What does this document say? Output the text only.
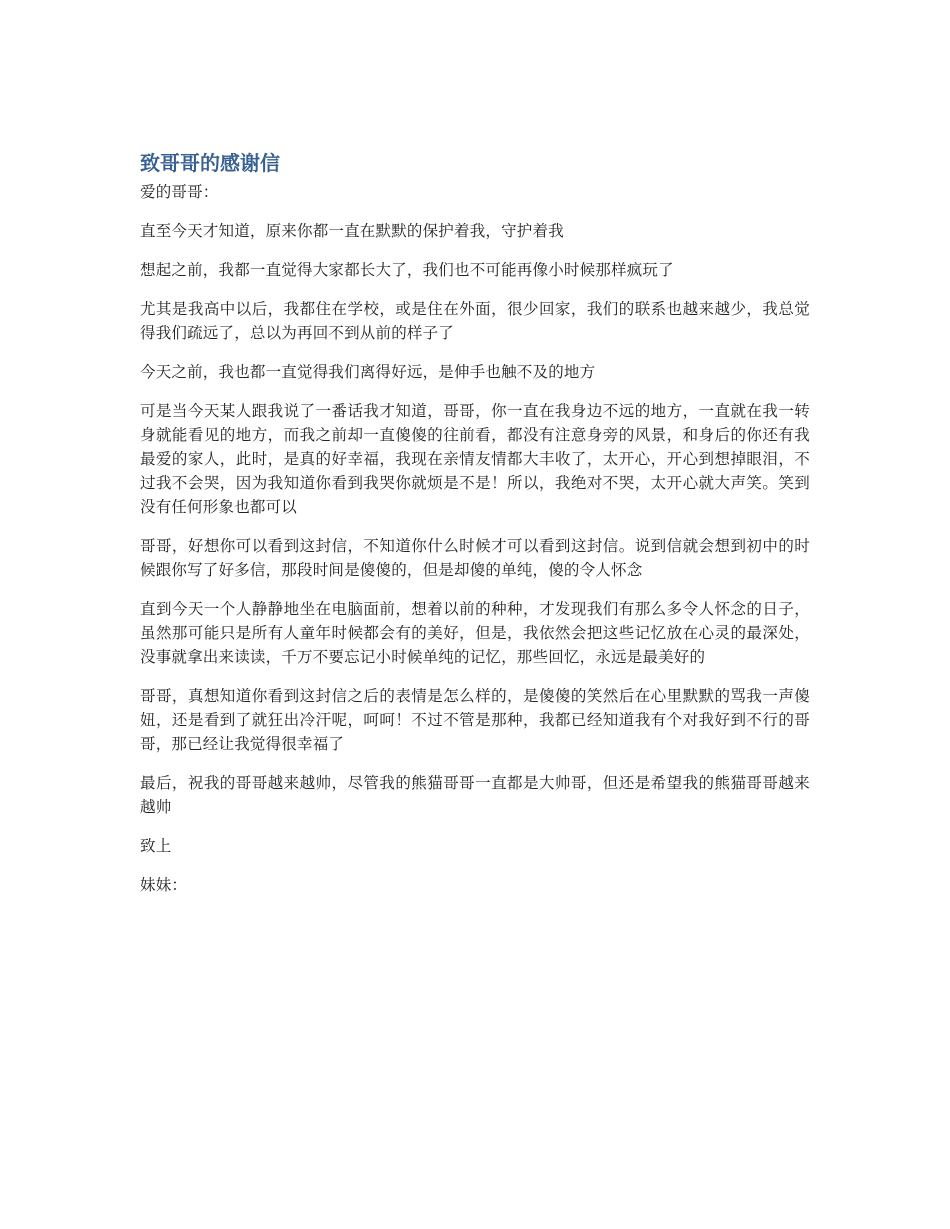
致哥哥的感谢信

爱的哥哥：

直至今天才知道，原来你都一直在默默的保护着我，守护着我

想起之前，我都一直觉得大家都长大了，我们也不可能再像小时候那样疯玩了

尤其是我高中以后，我都住在学校，或是住在外面，很少回家，我们的联系也越来越少，我总觉得我们疏远了，总以为再回不到从前的样子了

今天之前，我也都一直觉得我们离得好远，是伸手也触不及的地方

可是当今天某人跟我说了一番话我才知道，哥哥，你一直在我身边不远的地方，一直就在我一转身就能看见的地方，而我之前却一直傻傻的往前看，都没有注意身旁的风景，和身后的你还有我最爱的家人，此时，是真的好幸福，我现在亲情友情都大丰收了，太开心，开心到想掉眼泪，不过我不会哭，因为我知道你看到我哭你就烦是不是！所以，我绝对不哭，太开心就大声笑。笑到没有任何形象也都可以

哥哥，好想你可以看到这封信，不知道你什么时候才可以看到这封信。说到信就会想到初中的时候跟你写了好多信，那段时间是傻傻的，但是却傻的单纯，傻的令人怀念

直到今天一个人静静地坐在电脑面前，想着以前的种种，才发现我们有那么多令人怀念的日子，虽然那可能只是所有人童年时候都会有的美好，但是，我依然会把这些记忆放在心灵的最深处，没事就拿出来读读，千万不要忘记小时候单纯的记忆，那些回忆，永远是最美好的

哥哥，真想知道你看到这封信之后的表情是怎么样的，是傻傻的笑然后在心里默默的骂我一声傻妞，还是看到了就狂出冷汗呢，呵呵！不过不管是那种，我都已经知道我有个对我好到不行的哥哥，那已经让我觉得很幸福了

最后，祝我的哥哥越来越帅，尽管我的熊猫哥哥一直都是大帅哥，但还是希望我的熊猫哥哥越来越帅

致上

妹妹：
